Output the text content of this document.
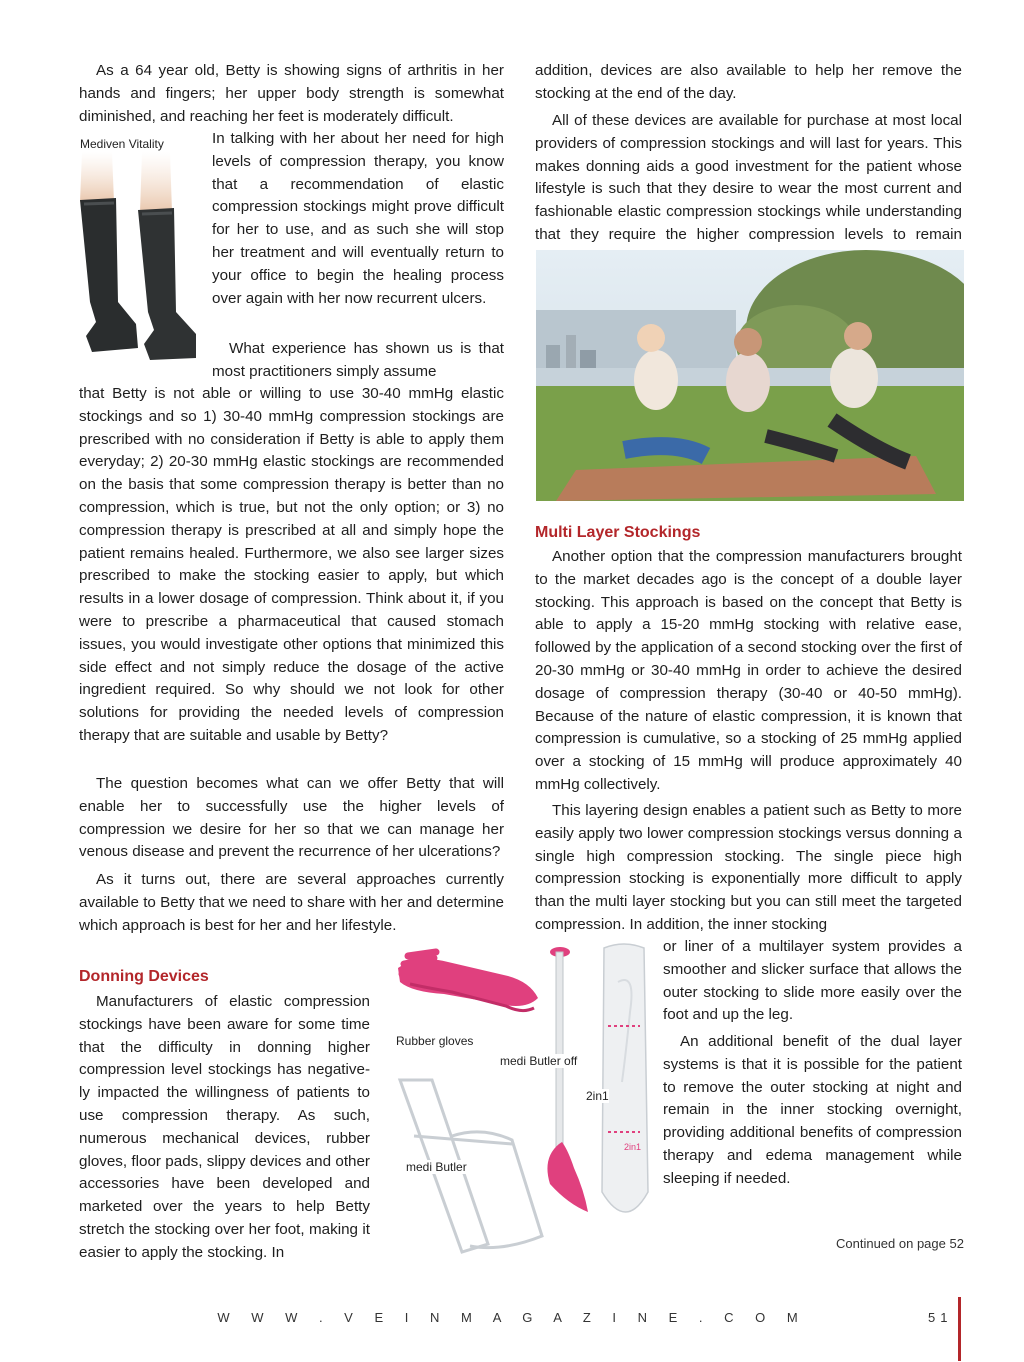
As a 64 year old, Betty is showing signs of arthritis in her hands and fingers; her upper body strength is somewhat diminished, and reaching her feet is moderately difficult.

Mediven Vitality	In talking with her about her need for high levels of compression therapy, you know that a recommendation of elastic compression stockings might prove difficult for her to use, and as such she will stop her treatment and will eventually return to your office to begin the healing process over again with her now recurrent ulcers.

What experience has shown us is that most practitioners simply assume

that Betty is not able or willing to use 30-40 mmHg elastic stockings and so 1) 30-40 mmHg compression stockings are prescribed with no consideration if Betty is able to apply them everyday; 2) 20-30 mmHg elastic stockings are recommended on the basis that some compression therapy is better than no compression, which is true, but not the only option; or 3) no compression therapy is prescribed at all and simply hope the patient remains healed. Furthermore, we also see larger sizes prescribed to make the stocking easier to apply, but which results in a lower dosage of compression. Think about it, if you were to prescribe a pharmaceutical that caused stomach issues, you would investigate other options that minimized this side effect and not simply reduce the dosage of the active ingredient required. So why should we not look for other solutions for providing the needed levels of compression therapy that are suitable and usable by Betty?

The question becomes what can we offer Betty that will enable her to successfully use the higher levels of compression we desire for her so that we can manage her venous disease and prevent the recurrence of her ulcerations?

As it turns out, there are several approaches currently available to Betty that we need to share with her and determine which approach is best for her and her lifestyle.

Donning Devices

Manufacturers of elastic compression stockings have been aware for some time that the difficulty in donning higher compression level stockings has negative-ly impacted the willingness of patients to use compression therapy. As such, numerous mechanical devices, rubber gloves, floor pads, slippy devices and other accessories have been developed and marketed over the years to help Betty stretch the stocking over her foot, making it easier to apply the stocking. In

Rubber gloves
medi Butler
medi Butler off
2in1
2in1

addition, devices are also available to help her remove the stocking at the end of the day.

All of these devices are available for purchase at most local providers of compression stockings and will last for years. This makes donning aids a good investment for the patient whose lifestyle is such that they desire to wear the most current and fashionable elastic compression stockings while understanding that they require the higher compression levels to remain

Multi Layer Stockings

Another option that the compression manufacturers brought to the market decades ago is the concept of a double layer stocking. This approach is based on the concept that Betty is able to apply a 15-20 mmHg stocking with relative ease, followed by the application of a second stocking over the first of 20-30 mmHg or 30-40 mmHg in order to achieve the desired dosage of compression therapy (30-40 or 40-50 mmHg). Because of the nature of elastic compression, it is known that compression is cumulative, so a stocking of 25 mmHg applied over a stocking of 15 mmHg will produce approximately 40 mmHg collectively.

This layering design enables a patient such as Betty to more easily apply two lower compression stockings versus donning a single high compression stocking. The single piece high compression stocking is exponentially more difficult to apply than the multi layer stocking but you can still meet the targeted compression. In addition, the inner stocking

or liner of a multilayer system provides a smoother and slicker surface that allows the outer stocking to slide more easily over the foot and up the leg.

An additional benefit of the dual layer systems is that it is possible for the patient to remove the outer stocking at night and remain in the inner stocking overnight, providing additional benefits of compression therapy and edema management while sleeping if needed.

Continued on page 52
W W W . V E I N M A G A Z I N E . C O M	51
